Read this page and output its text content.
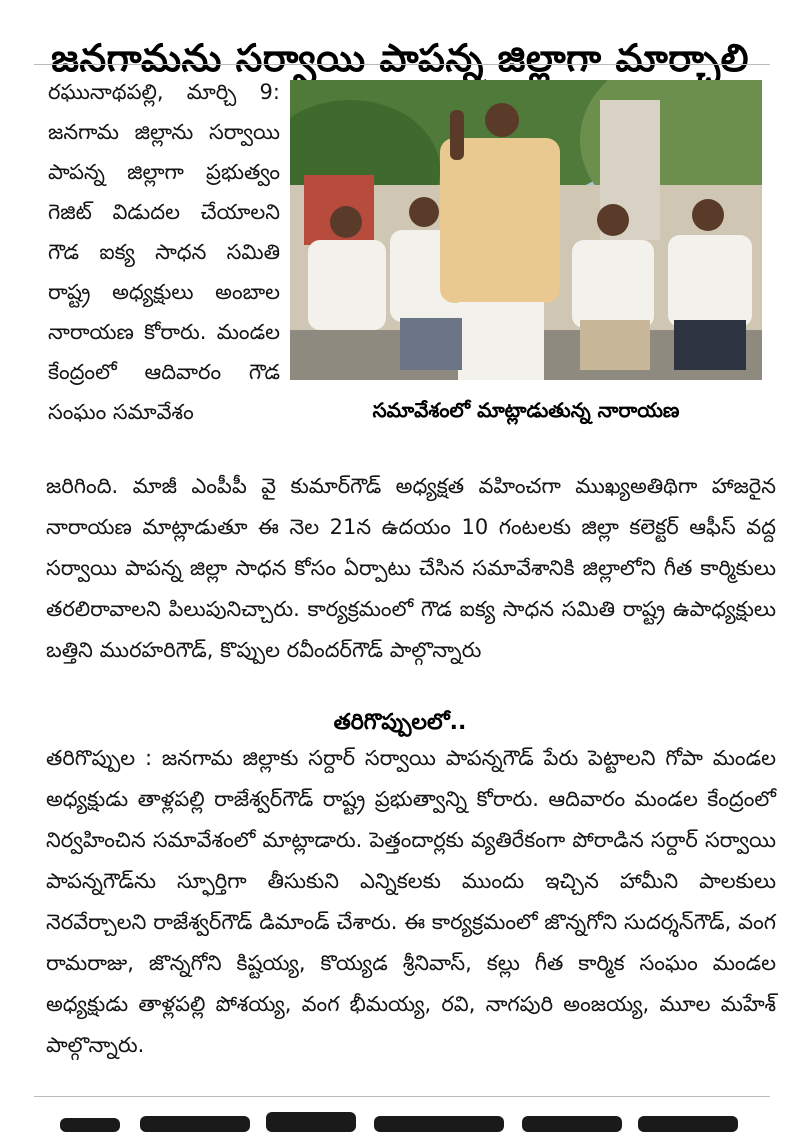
జనగామను సర్వాయి పాపన్న జిల్లాగా మార్చాలి

రఘునాథపల్లి, మార్చి 9: జనగామ జిల్లాను సర్వాయి పాపన్న జిల్లాగా ప్రభుత్వం గెజిట్ విడుదల చేయాలని గౌడ ఐక్య సాధన సమితి రాష్ట్ర అధ్యక్షులు అంబాల నారాయణ కోరారు. మండల కేంద్రంలో ఆదివారం గౌడ సంఘం సమావేశం	సమావేశంలో మాట్లాడుతున్న నారాయణ

జరిగింది. మాజీ ఎంపీపీ వై కుమార్‌గౌడ్ అధ్యక్షత వహించగా ముఖ్యఅతిథిగా హాజరైన నారాయణ మాట్లాడుతూ ఈ నెల 21న ఉదయం 10 గంటలకు జిల్లా కలెక్టర్ ఆఫీస్ వద్ద సర్వాయి పాపన్న జిల్లా సాధన కోసం ఏర్పాటు చేసిన సమావేశానికి జిల్లాలోని గీత కార్మికులు తరలిరావాలని పిలుపునిచ్చారు. కార్యక్రమంలో గౌడ ఐక్య సాధన సమితి రాష్ట్ర ఉపాధ్యక్షులు బత్తిని మురహరిగౌడ్, కొప్పుల రవీందర్‌గౌడ్ పాల్గొన్నారు

తరిగొప్పులలో..

తరిగొప్పుల : జనగామ జిల్లాకు సర్దార్ సర్వాయి పాపన్నగౌడ్ పేరు పెట్టాలని గోపా మండల అధ్యక్షుడు తాళ్లపల్లి రాజేశ్వర్‌గౌడ్ రాష్ట్ర ప్రభుత్వాన్ని కోరారు. ఆదివారం మండల కేంద్రంలో నిర్వహించిన సమావేశంలో మాట్లాడారు. పెత్తందార్లకు వ్యతిరేకంగా పోరాడిన సర్దార్ సర్వాయి పాపన్నగౌడ్‌ను స్ఫూర్తిగా తీసుకుని ఎన్నికలకు ముందు ఇచ్చిన హామీని పాలకులు నెరవేర్చాలని రాజేశ్వర్‌గౌడ్ డిమాండ్ చేశారు. ఈ కార్యక్రమంలో జొన్నగోని సుదర్శన్‌గౌడ్, వంగ రామరాజు, జొన్నగోని కిష్టయ్య, కొయ్యడ శ్రీనివాస్, కల్లు గీత కార్మిక సంఘం మండల అధ్యక్షుడు తాళ్లపల్లి పోశయ్య, వంగ భీమయ్య, రవి, నాగపురి అంజయ్య, మూల మహేశ్ పాల్గొన్నారు.
